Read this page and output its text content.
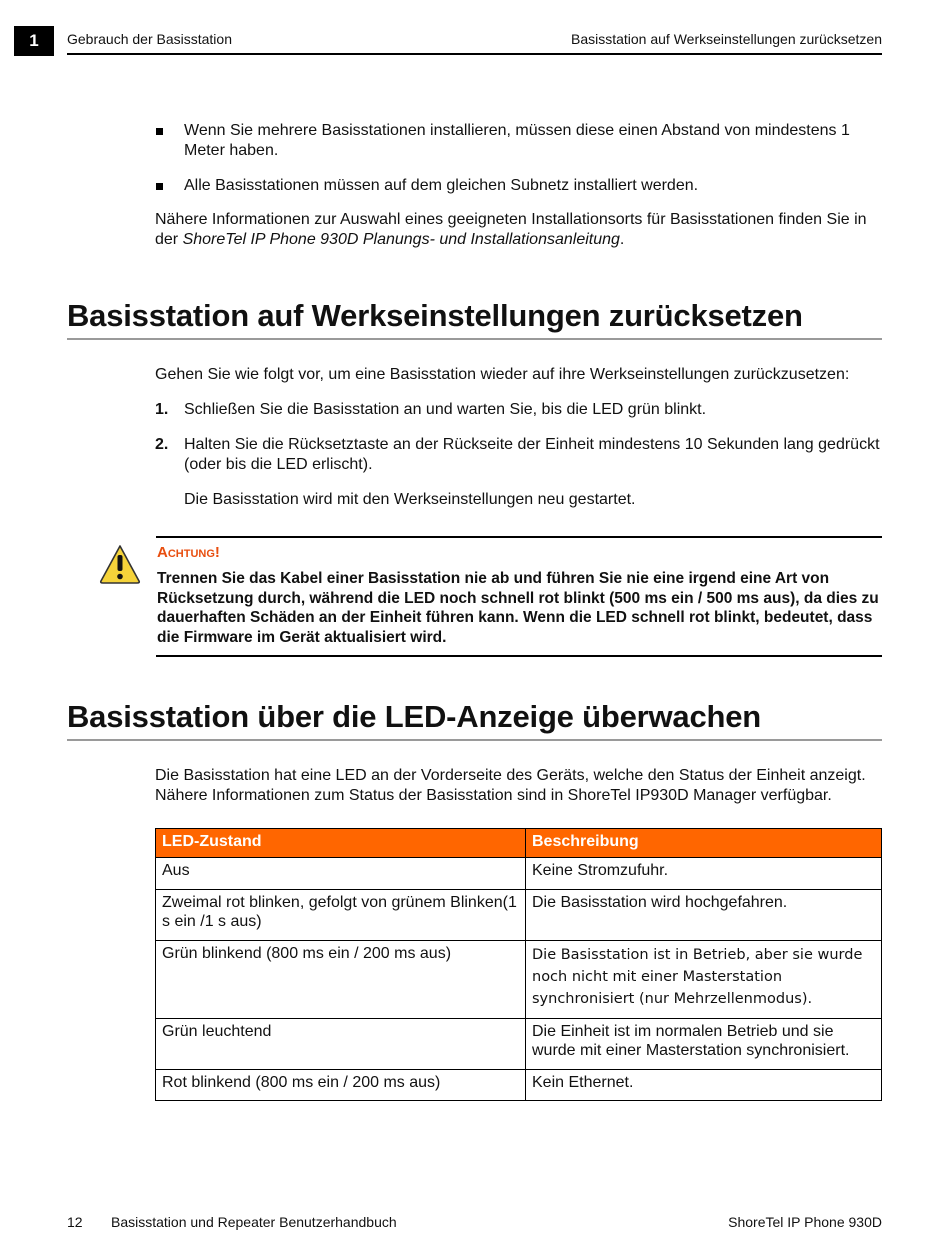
1	Gebrauch der Basisstation	Basisstation auf Werkseinstellungen zurücksetzen
Wenn Sie mehrere Basisstationen installieren, müssen diese einen Abstand von mindestens 1 Meter haben.
Alle Basisstationen müssen auf dem gleichen Subnetz installiert werden.
Nähere Informationen zur Auswahl eines geeigneten Installationsorts für Basisstationen finden Sie in der ShoreTel IP Phone 930D Planungs- und Installationsanleitung.
Basisstation auf Werkseinstellungen zurücksetzen
Gehen Sie wie folgt vor, um eine Basisstation wieder auf ihre Werkseinstellungen zurückzusetzen:
1. Schließen Sie die Basisstation an und warten Sie, bis die LED grün blinkt.
2. Halten Sie die Rücksetztaste an der Rückseite der Einheit mindestens 10 Sekunden lang gedrückt (oder bis die LED erlischt).
Die Basisstation wird mit den Werkseinstellungen neu gestartet.
ACHTUNG!
Trennen Sie das Kabel einer Basisstation nie ab und führen Sie nie eine irgend eine Art von Rücksetzung durch, während die LED noch schnell rot blinkt (500 ms ein / 500 ms aus), da dies zu dauerhaften Schäden an der Einheit führen kann. Wenn die LED schnell rot blinkt, bedeutet, dass die Firmware im Gerät aktualisiert wird.
Basisstation über die LED-Anzeige überwachen
Die Basisstation hat eine LED an der Vorderseite des Geräts, welche den Status der Einheit anzeigt. Nähere Informationen zum Status der Basisstation sind in ShoreTel IP930D Manager verfügbar.
LED-Zustand	Beschreibung
Aus	Keine Stromzufuhr.
Zweimal rot blinken, gefolgt von grünem Blinken(1 s ein /1 s aus)	Die Basisstation wird hochgefahren.
Grün blinkend (800 ms ein / 200 ms aus)	Die Basisstation ist in Betrieb, aber sie wurde noch nicht mit einer Masterstation synchronisiert (nur Mehrzellenmodus).
Grün leuchtend	Die Einheit ist im normalen Betrieb und sie wurde mit einer Masterstation synchronisiert.
Rot blinkend (800 ms ein / 200 ms aus)	Kein Ethernet.
12 Basisstation und Repeater Benutzerhandbuch	ShoreTel IP Phone 930D
